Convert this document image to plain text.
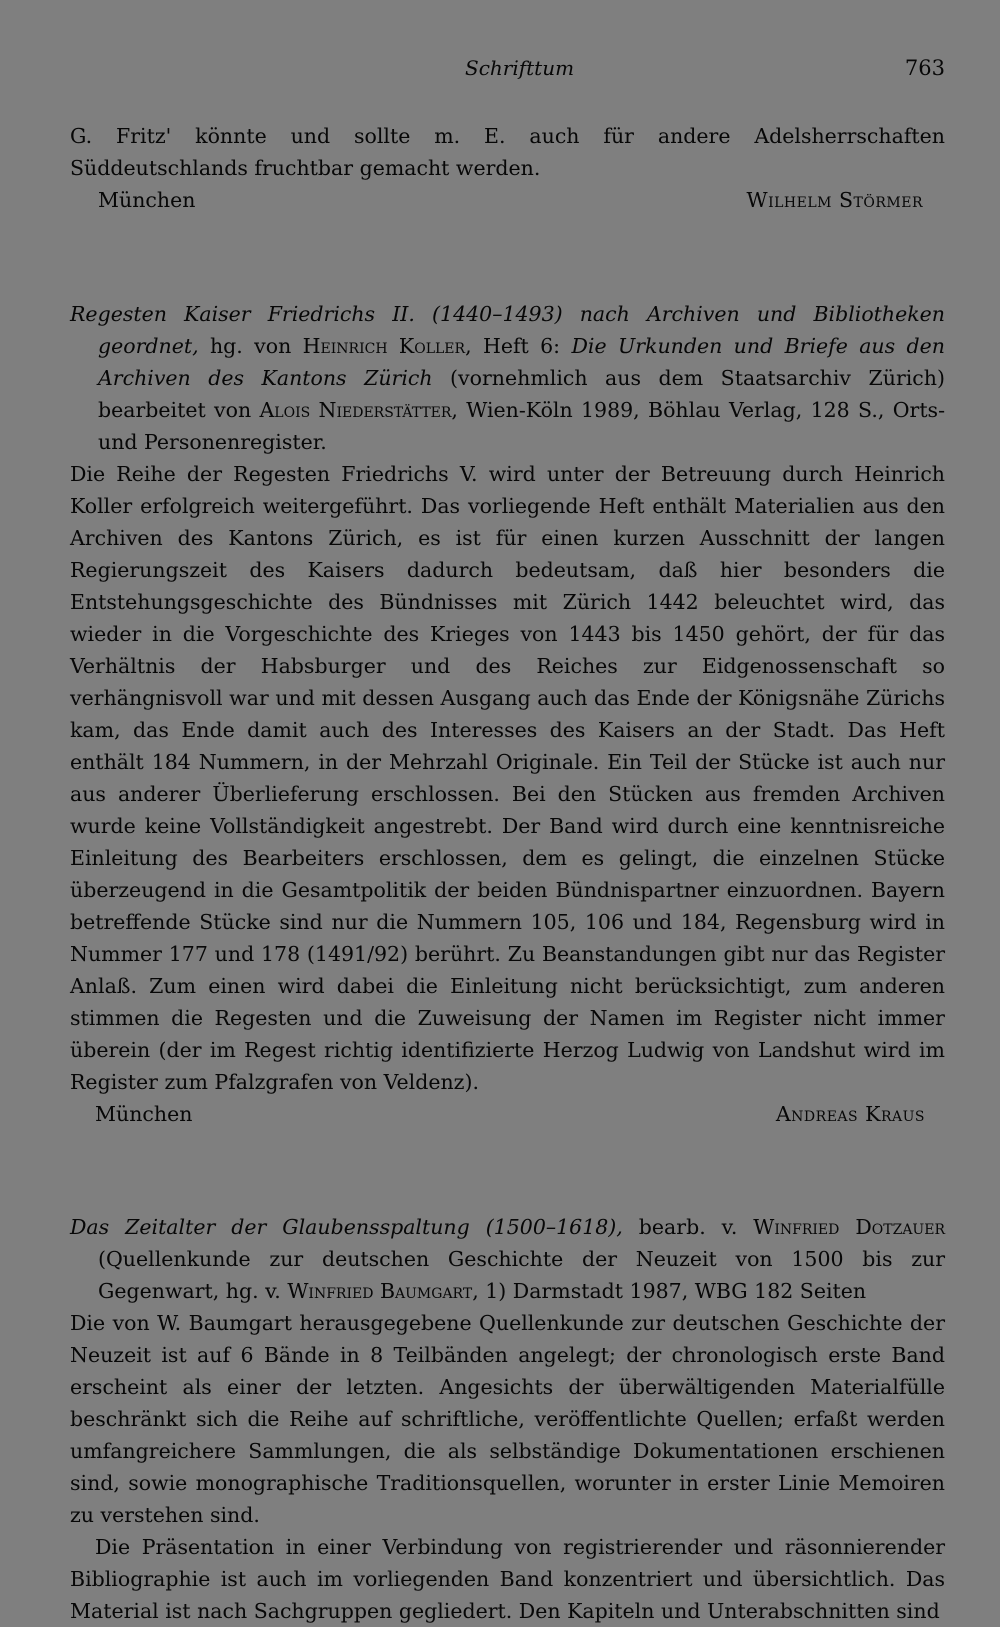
Schrifttum	763

G. Fritz' könnte und sollte m. E. auch für andere Adelsherrschaften Süddeutschlands fruchtbar gemacht werden.

München	Wilhelm Störmer

Regesten Kaiser Friedrichs II. (1440–1493) nach Archiven und Bibliotheken geordnet, hg. von Heinrich Koller, Heft 6: Die Urkunden und Briefe aus den Archiven des Kantons Zürich (vornehmlich aus dem Staatsarchiv Zürich) bearbeitet von Alois Niederstätter, Wien-Köln 1989, Böhlau Verlag, 128 S., Orts- und Personenregister.

Die Reihe der Regesten Friedrichs V. wird unter der Betreuung durch Heinrich Koller erfolgreich weitergeführt. Das vorliegende Heft enthält Materialien aus den Archiven des Kantons Zürich, es ist für einen kurzen Ausschnitt der langen Regierungszeit des Kaisers dadurch bedeutsam, daß hier besonders die Entstehungsgeschichte des Bündnisses mit Zürich 1442 beleuchtet wird, das wieder in die Vorgeschichte des Krieges von 1443 bis 1450 gehört, der für das Verhältnis der Habsburger und des Reiches zur Eidgenossenschaft so verhängnisvoll war und mit dessen Ausgang auch das Ende der Königsnähe Zürichs kam, das Ende damit auch des Interesses des Kaisers an der Stadt. Das Heft enthält 184 Nummern, in der Mehrzahl Originale. Ein Teil der Stücke ist auch nur aus anderer Überlieferung erschlossen. Bei den Stücken aus fremden Archiven wurde keine Vollständigkeit angestrebt. Der Band wird durch eine kenntnisreiche Einleitung des Bearbeiters erschlossen, dem es gelingt, die einzelnen Stücke überzeugend in die Gesamtpolitik der beiden Bündnispartner einzuordnen. Bayern betreffende Stücke sind nur die Nummern 105, 106 und 184, Regensburg wird in Nummer 177 und 178 (1491/92) berührt. Zu Beanstandungen gibt nur das Register Anlaß. Zum einen wird dabei die Einleitung nicht berücksichtigt, zum anderen stimmen die Regesten und die Zuweisung der Namen im Register nicht immer überein (der im Regest richtig identifizierte Herzog Ludwig von Landshut wird im Register zum Pfalzgrafen von Veldenz).

München	Andreas Kraus

Das Zeitalter der Glaubensspaltung (1500–1618), bearb. v. Winfried Dotzauer (Quellenkunde zur deutschen Geschichte der Neuzeit von 1500 bis zur Gegenwart, hg. v. Winfried Baumgart, 1) Darmstadt 1987, WBG 182 Seiten

Die von W. Baumgart herausgegebene Quellenkunde zur deutschen Geschichte der Neuzeit ist auf 6 Bände in 8 Teilbänden angelegt; der chronologisch erste Band erscheint als einer der letzten. Angesichts der überwältigenden Materialfülle beschränkt sich die Reihe auf schriftliche, veröffentlichte Quellen; erfaßt werden umfangreichere Sammlungen, die als selbständige Dokumentationen erschienen sind, sowie monographische Traditionsquellen, worunter in erster Linie Memoiren zu verstehen sind.

Die Präsentation in einer Verbindung von registrierender und räsonnierender Bibliographie ist auch im vorliegenden Band konzentriert und übersichtlich. Das Material ist nach Sachgruppen gegliedert. Den Kapiteln und Unterabschnitten sind
